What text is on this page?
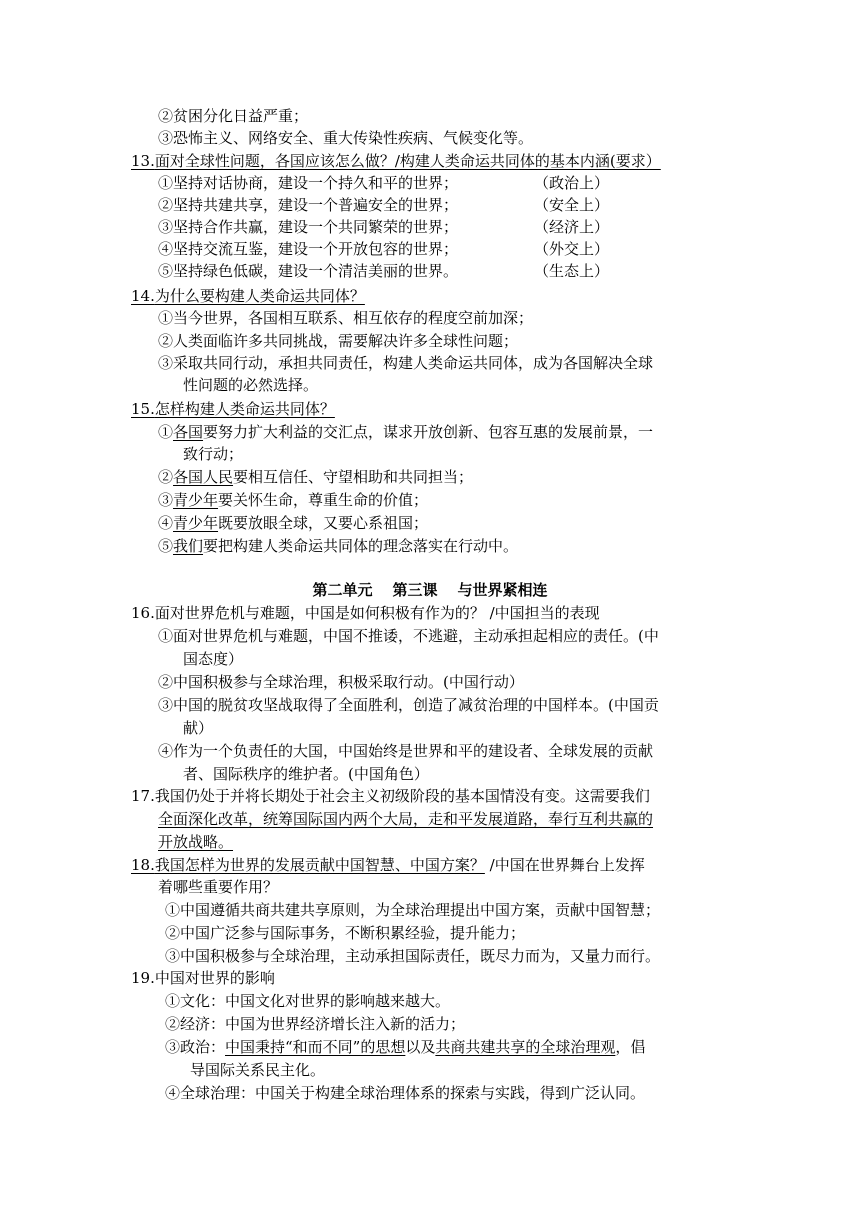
②贫困分化日益严重；
③恐怖主义、网络安全、重大传染性疾病、气候变化等。
13.面对全球性问题，各国应该怎么做？/构建人类命运共同体的基本内涵(要求）
①坚持对话协商，建设一个持久和平的世界；	（政治上）
②坚持共建共享，建设一个普遍安全的世界；	（安全上）
③坚持合作共赢，建设一个共同繁荣的世界；	（经济上）
④坚持交流互鉴，建设一个开放包容的世界；	（外交上）
⑤坚持绿色低碳，建设一个清洁美丽的世界。	（生态上）
14.为什么要构建人类命运共同体？
①当今世界，各国相互联系、相互依存的程度空前加深；
②人类面临许多共同挑战，需要解决许多全球性问题；
③采取共同行动，承担共同责任，构建人类命运共同体，成为各国解决全球
性问题的必然选择。
15.怎样构建人类命运共同体？
①各国要努力扩大利益的交汇点，谋求开放创新、包容互惠的发展前景，一
致行动；
②各国人民要相互信任、守望相助和共同担当；
③青少年要关怀生命，尊重生命的价值；
④青少年既要放眼全球，又要心系祖国；
⑤我们要把构建人类命运共同体的理念落实在行动中。
第二单元 第三课 与世界紧相连
16.面对世界危机与难题，中国是如何积极有作为的？ /中国担当的表现
①面对世界危机与难题，中国不推诿，不逃避，主动承担起相应的责任。(中
国态度）
②中国积极参与全球治理，积极采取行动。(中国行动）
③中国的脱贫攻坚战取得了全面胜利，创造了减贫治理的中国样本。(中国贡
献）
④作为一个负责任的大国，中国始终是世界和平的建设者、全球发展的贡献
者、国际秩序的维护者。(中国角色）
17.我国仍处于并将长期处于社会主义初级阶段的基本国情没有变。这需要我们
全面深化改革，统筹国际国内两个大局，走和平发展道路，奉行互利共赢的
开放战略。
18.我国怎样为世界的发展贡献中国智慧、中国方案？ /中国在世界舞台上发挥
着哪些重要作用？
①中国遵循共商共建共享原则，为全球治理提出中国方案，贡献中国智慧；
②中国广泛参与国际事务，不断积累经验，提升能力；
③中国积极参与全球治理，主动承担国际责任，既尽力而为，又量力而行。
19.中国对世界的影响
①文化：中国文化对世界的影响越来越大。
②经济：中国为世界经济增长注入新的活力；
③政治：中国秉持“和而不同”的思想以及共商共建共享的全球治理观，倡
导国际关系民主化。
④全球治理：中国关于构建全球治理体系的探索与实践，得到广泛认同。
